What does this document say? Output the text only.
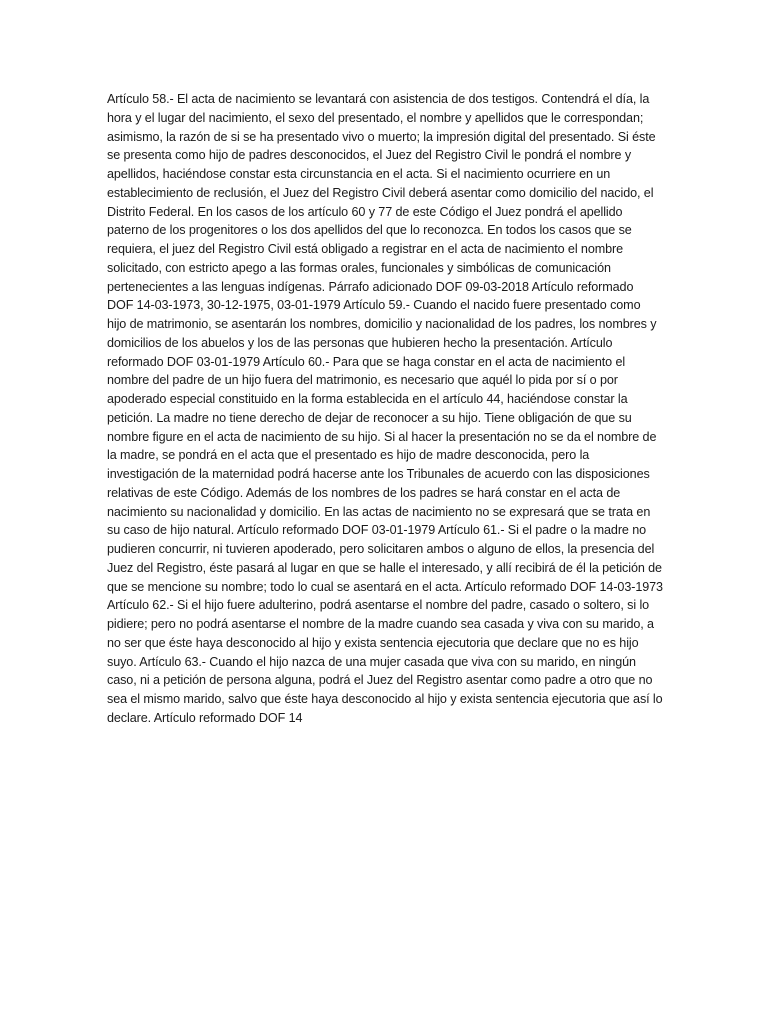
Artículo 58.- El acta de nacimiento se levantará con asistencia de dos testigos. Contendrá el día, la hora y el lugar del nacimiento, el sexo del presentado, el nombre y apellidos que le correspondan; asimismo, la razón de si se ha presentado vivo o muerto; la impresión digital del presentado. Si éste se presenta como hijo de padres desconocidos, el Juez del Registro Civil le pondrá el nombre y apellidos, haciéndose constar esta circunstancia en el acta. Si el nacimiento ocurriere en un establecimiento de reclusión, el Juez del Registro Civil deberá asentar como domicilio del nacido, el Distrito Federal. En los casos de los artículo 60 y 77 de este Código el Juez pondrá el apellido paterno de los progenitores o los dos apellidos del que lo reconozca. En todos los casos que se requiera, el juez del Registro Civil está obligado a registrar en el acta de nacimiento el nombre solicitado, con estricto apego a las formas orales, funcionales y simbólicas de comunicación pertenecientes a las lenguas indígenas. Párrafo adicionado DOF 09-03-2018 Artículo reformado DOF 14-03-1973, 30-12-1975, 03-01-1979 Artículo 59.- Cuando el nacido fuere presentado como hijo de matrimonio, se asentarán los nombres, domicilio y nacionalidad de los padres, los nombres y domicilios de los abuelos y los de las personas que hubieren hecho la presentación. Artículo reformado DOF 03-01-1979 Artículo 60.- Para que se haga constar en el acta de nacimiento el nombre del padre de un hijo fuera del matrimonio, es necesario que aquél lo pida por sí o por apoderado especial constituido en la forma establecida en el artículo 44, haciéndose constar la petición. La madre no tiene derecho de dejar de reconocer a su hijo. Tiene obligación de que su nombre figure en el acta de nacimiento de su hijo. Si al hacer la presentación no se da el nombre de la madre, se pondrá en el acta que el presentado es hijo de madre desconocida, pero la investigación de la maternidad podrá hacerse ante los Tribunales de acuerdo con las disposiciones relativas de este Código. Además de los nombres de los padres se hará constar en el acta de nacimiento su nacionalidad y domicilio. En las actas de nacimiento no se expresará que se trata en su caso de hijo natural. Artículo reformado DOF 03-01-1979 Artículo 61.- Si el padre o la madre no pudieren concurrir, ni tuvieren apoderado, pero solicitaren ambos o alguno de ellos, la presencia del Juez del Registro, éste pasará al lugar en que se halle el interesado, y allí recibirá de él la petición de que se mencione su nombre; todo lo cual se asentará en el acta. Artículo reformado DOF 14-03-1973 Artículo 62.- Si el hijo fuere adulterino, podrá asentarse el nombre del padre, casado o soltero, si lo pidiere; pero no podrá asentarse el nombre de la madre cuando sea casada y viva con su marido, a no ser que éste haya desconocido al hijo y exista sentencia ejecutoria que declare que no es hijo suyo. Artículo 63.- Cuando el hijo nazca de una mujer casada que viva con su marido, en ningún caso, ni a petición de persona alguna, podrá el Juez del Registro asentar como padre a otro que no sea el mismo marido, salvo que éste haya desconocido al hijo y exista sentencia ejecutoria que así lo declare. Artículo reformado DOF 14
